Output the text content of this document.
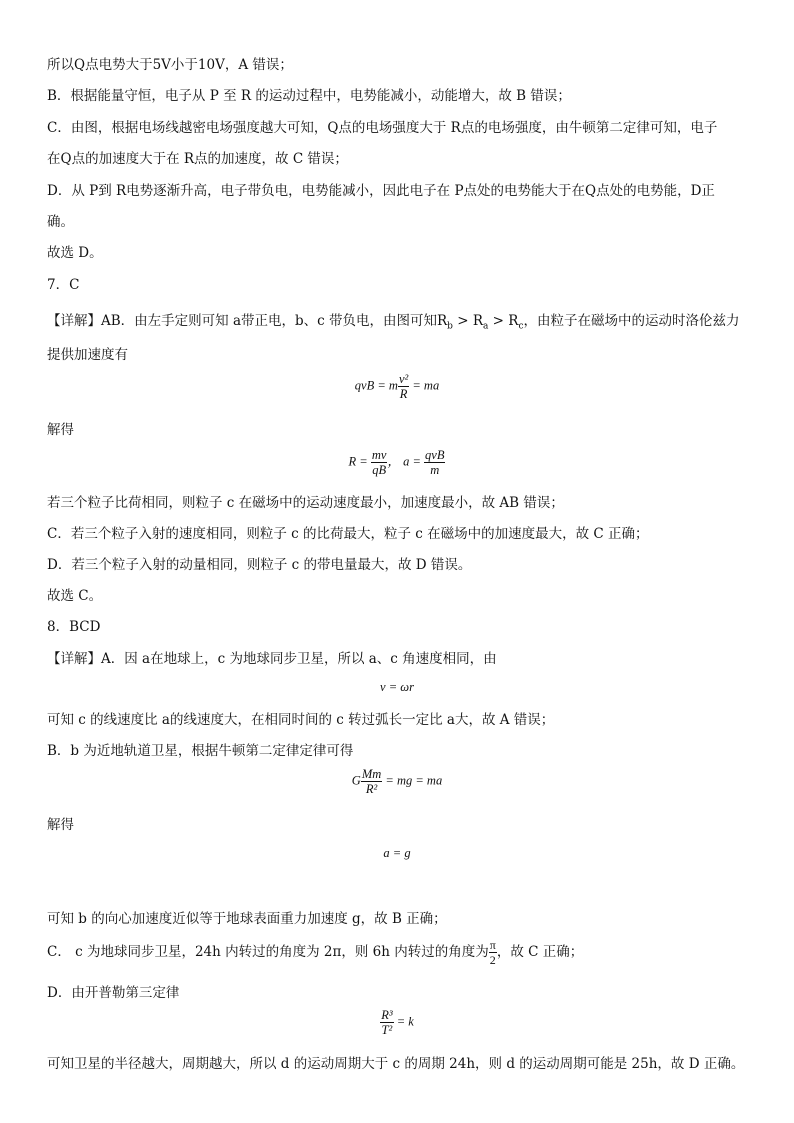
所以Q点电势大于5V小于10V，A 错误；
B．根据能量守恒，电子从 P 至 R 的运动过程中，电势能减小，动能增大，故 B 错误；
C．由图，根据电场线越密电场强度越大可知，Q点的电场强度大于 R点的电场强度，由牛顿第二定律可知，电子
在Q点的加速度大于在 R点的加速度，故 C 错误；
D．从 P到 R电势逐渐升高，电子带负电，电势能减小，因此电子在 P点处的电势能大于在Q点处的电势能，D正
确。
故选 D。
7．C
【详解】AB．由左手定则可知 a带正电，b、c 带负电，由图可知$R_b > R_a > R_c$，由粒子在磁场中的运动时洛伦兹力
提供加速度有
qvB = m $\frac{\text{v²}}{R}$ = ma
解得
$R = \frac{mv}{qB}$ ， $a = \frac{\text{qvB}}{m}$
若三个粒子比荷相同，则粒子 c 在磁场中的运动速度最小，加速度最小，故 AB 错误；
C．若三个粒子入射的速度相同，则粒子 c 的比荷最大，粒子 c 在磁场中的加速度最大，故 C 正确；
D．若三个粒子入射的动量相同，则粒子 c 的带电量最大，故 D 错误。
故选 C。
8．BCD
【详解】A．因 a在地球上，c 为地球同步卫星，所以 a、c 角速度相同，由
v = ωr
可知 c 的线速度比 a的线速度大，在相同时间的 c 转过弧长一定比 a大，故 A 错误；
B．b 为近地轨道卫星，根据牛顿第二定律定律可得
G $\frac{Mm}{\text{R²}}$ = mg = ma
解得
a = g
可知 b 的向心加速度近似等于地球表面重力加速度 g，故 B 正确；
C． c 为地球同步卫星，24h 内转过的角度为 2π，则 6h 内转过的角度为 $\frac{\pi}{2}$ ，故 C 正确；
D．由开普勒第三定律
$\frac{\text{R³}}{\text{T²}} = k$
可知卫星的半径越大，周期越大，所以 d 的运动周期大于 c 的周期 24h，则 d 的运动周期可能是 25h，故 D 正确。
